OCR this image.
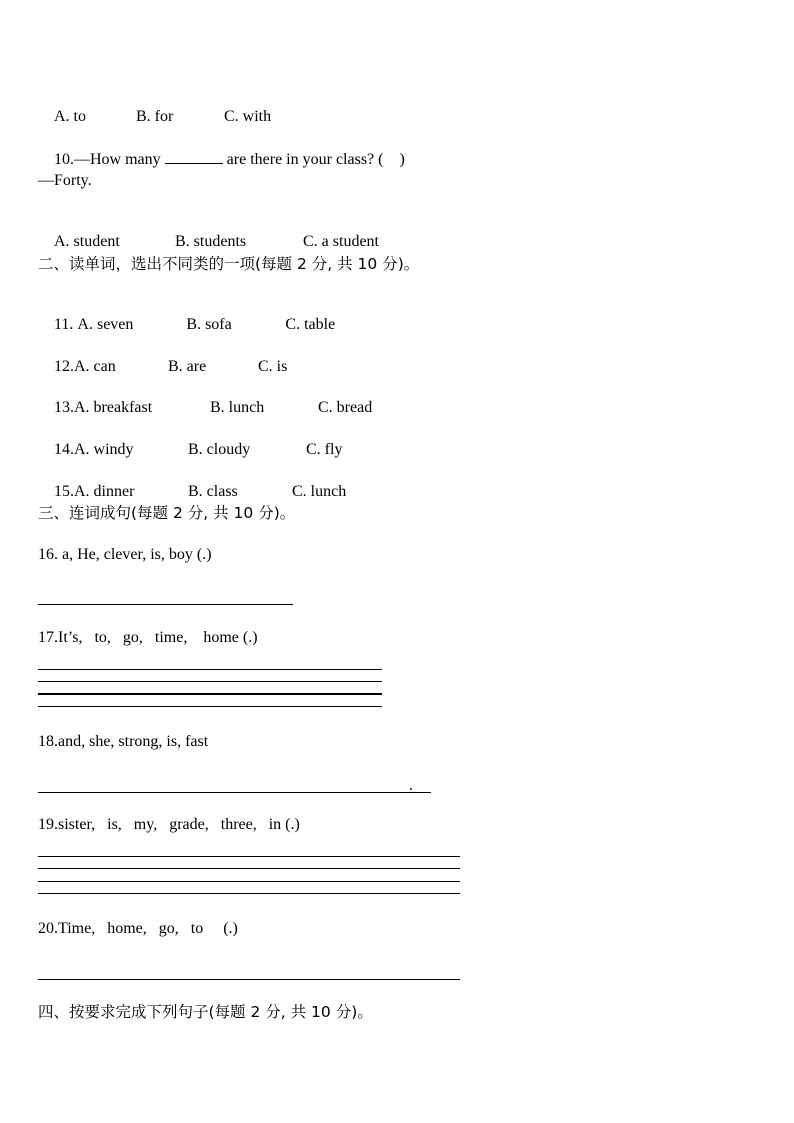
A. to	B. for	C. with

10.—How many	are there in your class? (    )

—Forty.

A. student	B. students	C. a student

二、读单词，选出不同类的一项(每题 2 分, 共 10 分)。

11. A. seven	B. sofa	C. table

12.A. can	B. are	C. is

13.A. breakfast	B. lunch	C. bread

14.A. windy	B. cloudy	C. fly

15.A. dinner	B. class	C. lunch

三、连词成句(每题 2 分, 共 10 分)。
16. a, He, clever, is, boy (.)
17.It’s,   to,   go,   time,    home (.)
18.and, she, strong, is, fast
.
19.sister,   is,   my,   grade,   three,   in (.)
20.Time,   home,   go,   to     (.)
四、按要求完成下列句子(每题 2 分, 共 10 分)。
